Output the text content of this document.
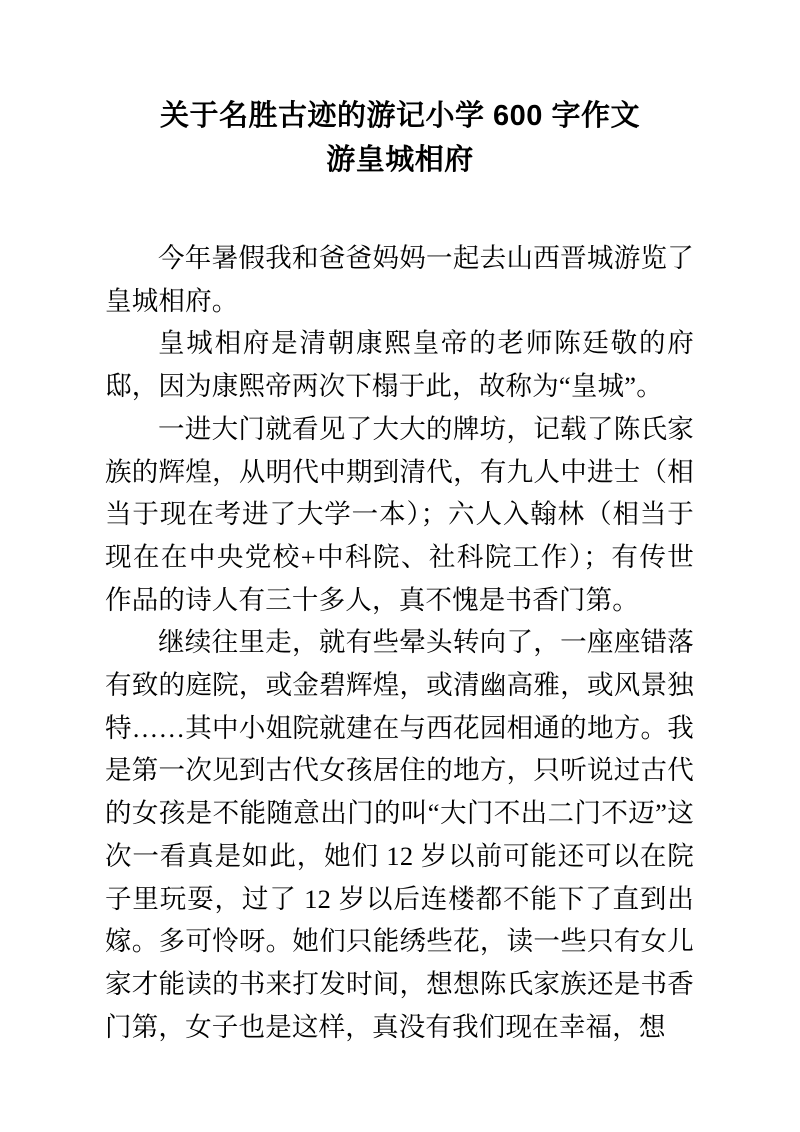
关于名胜古迹的游记小学 600 字作文
游皇城相府

今年暑假我和爸爸妈妈一起去山西晋城游览了皇城相府。

皇城相府是清朝康熙皇帝的老师陈廷敬的府邸，因为康熙帝两次下榻于此，故称为“皇城”。

一进大门就看见了大大的牌坊，记载了陈氏家族的辉煌，从明代中期到清代，有九人中进士（相当于现在考进了大学一本）；六人入翰林（相当于现在在中央党校+中科院、社科院工作）；有传世作品的诗人有三十多人，真不愧是书香门第。

继续往里走，就有些晕头转向了，一座座错落有致的庭院，或金碧辉煌，或清幽高雅，或风景独特……其中小姐院就建在与西花园相通的地方。我是第一次见到古代女孩居住的地方，只听说过古代的女孩是不能随意出门的叫“大门不出二门不迈”这次一看真是如此，她们 12 岁以前可能还可以在院子里玩耍，过了 12 岁以后连楼都不能下了直到出嫁。多可怜呀。她们只能绣些花，读一些只有女儿家才能读的书来打发时间，想想陈氏家族还是书香门第，女子也是这样，真没有我们现在幸福，想
